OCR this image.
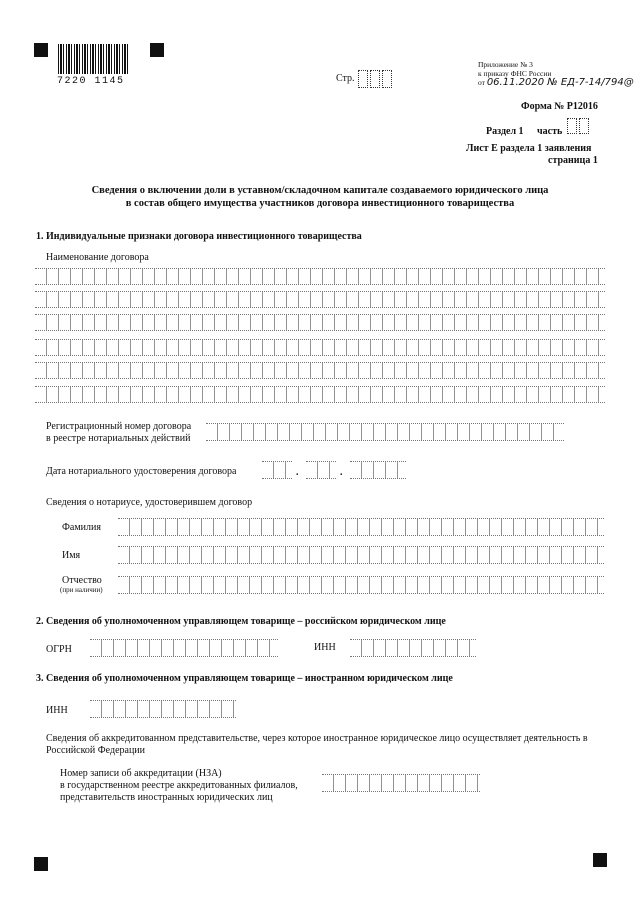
7220 1145	Стр.
Приложение № 3
к приказу ФНС России
от 06.11.2020 № ЕД-7-14/794@
Форма № Р12016
Раздел 1 часть
Лист Е раздела 1 заявления
страница 1
Сведения о включении доли в уставном/складочном капитале создаваемого юридического лица
в состав общего имущества участников договора инвестиционного товарищества
1. Индивидуальные признаки договора инвестиционного товарищества
Наименование договора
Регистрационный номер договора
в реестре нотариальных действий
Дата нотариального удостоверения договора	.	.
Сведения о нотариусе, удостоверившем договор
Фамилия
Имя
Отчество
(при наличии)
2. Сведения об уполномоченном управляющем товарище – российском юридическом лице
ОГРН	ИНН
3. Сведения об уполномоченном управляющем товарище – иностранном юридическом лице
ИНН
Сведения об аккредитованном представительстве, через которое иностранное юридическое лицо осуществляет деятельность в
Российской Федерации
Номер записи об аккредитации (НЗА)
в государственном реестре аккредитованных филиалов,
представительств иностранных юридических лиц
